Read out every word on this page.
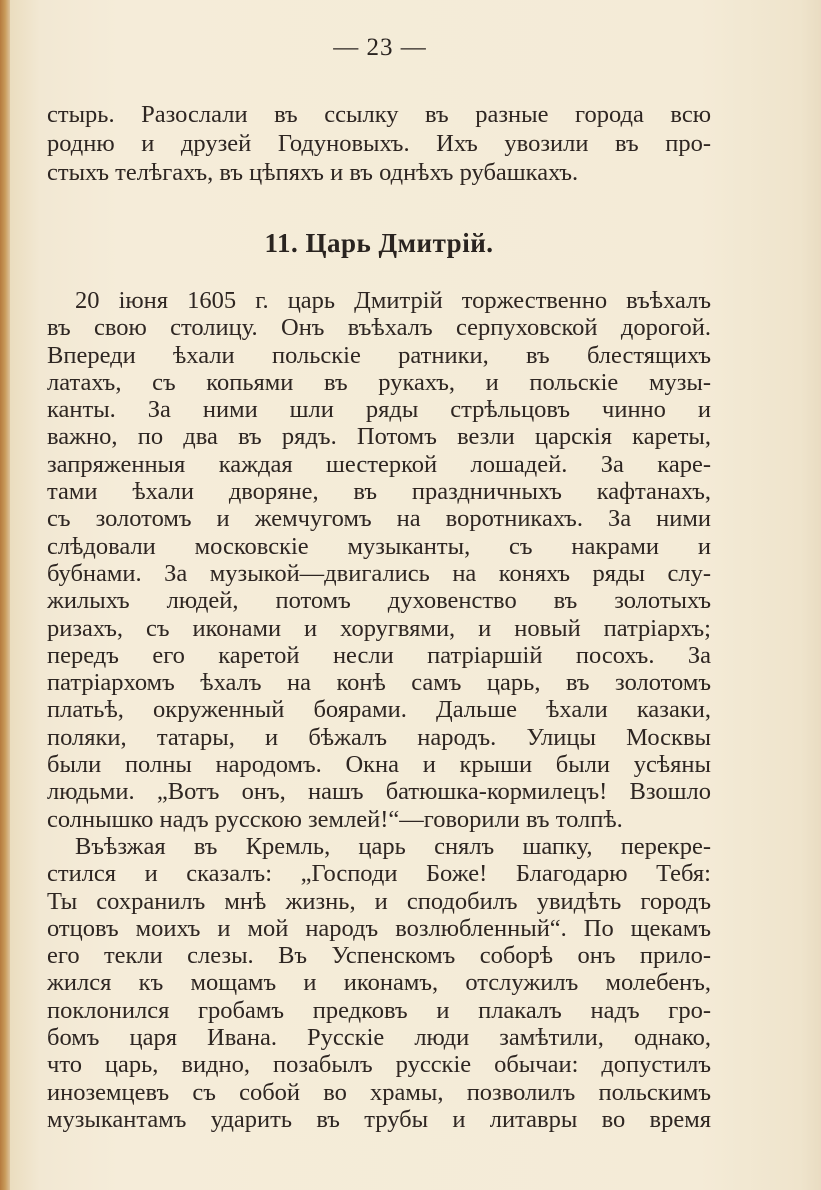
— 23 —
стырь. Разослали въ ссылку въ разные города всю
родню и друзей Годуновыхъ. Ихъ увозили въ про-
стыхъ телѣгахъ, въ цѣпяхъ и въ однѣхъ рубашкахъ.
11. Царь Дмитрій.
20 іюня 1605 г. царь Дмитрій торжественно въѣхалъ
въ свою столицу. Онъ въѣхалъ серпуховской дорогой.
Впереди ѣхали польскіе ратники, въ блестящихъ
латахъ, съ копьями въ рукахъ, и польскіе музы-
канты. За ними шли ряды стрѣльцовъ чинно и
важно, по два въ рядъ. Потомъ везли царскія кареты,
запряженныя каждая шестеркой лошадей. За каре-
тами ѣхали дворяне, въ праздничныхъ кафтанахъ,
съ золотомъ и жемчугомъ на воротникахъ. За ними
слѣдовали московскіе музыканты, съ накрами и
бубнами. За музыкой—двигались на коняхъ ряды слу-
жилыхъ людей, потомъ духовенство въ золотыхъ
ризахъ, съ иконами и хоругвями, и новый патріархъ;
передъ его каретой несли патріаршій посохъ. За
патріархомъ ѣхалъ на конѣ самъ царь, въ золотомъ
платьѣ, окруженный боярами. Дальше ѣхали казаки,
поляки, татары, и бѣжалъ народъ. Улицы Москвы
были полны народомъ. Окна и крыши были усѣяны
людьми. „Вотъ онъ, нашъ батюшка-кормилецъ! Взошло
солнышко надъ русскою землей!“—говорили въ толпѣ.
Въѣзжая въ Кремль, царь снялъ шапку, перекре-
стился и сказалъ: „Господи Боже! Благодарю Тебя:
Ты сохранилъ мнѣ жизнь, и сподобилъ увидѣть городъ
отцовъ моихъ и мой народъ возлюбленный“. По щекамъ
его текли слезы. Въ Успенскомъ соборѣ онъ прило-
жился къ мощамъ и иконамъ, отслужилъ молебенъ,
поклонился гробамъ предковъ и плакалъ надъ гро-
бомъ царя Ивана. Русскіе люди замѣтили, однако,
что царь, видно, позабылъ русскіе обычаи: допустилъ
иноземцевъ съ собой во храмы, позволилъ польскимъ
музыкантамъ ударить въ трубы и литавры во время
